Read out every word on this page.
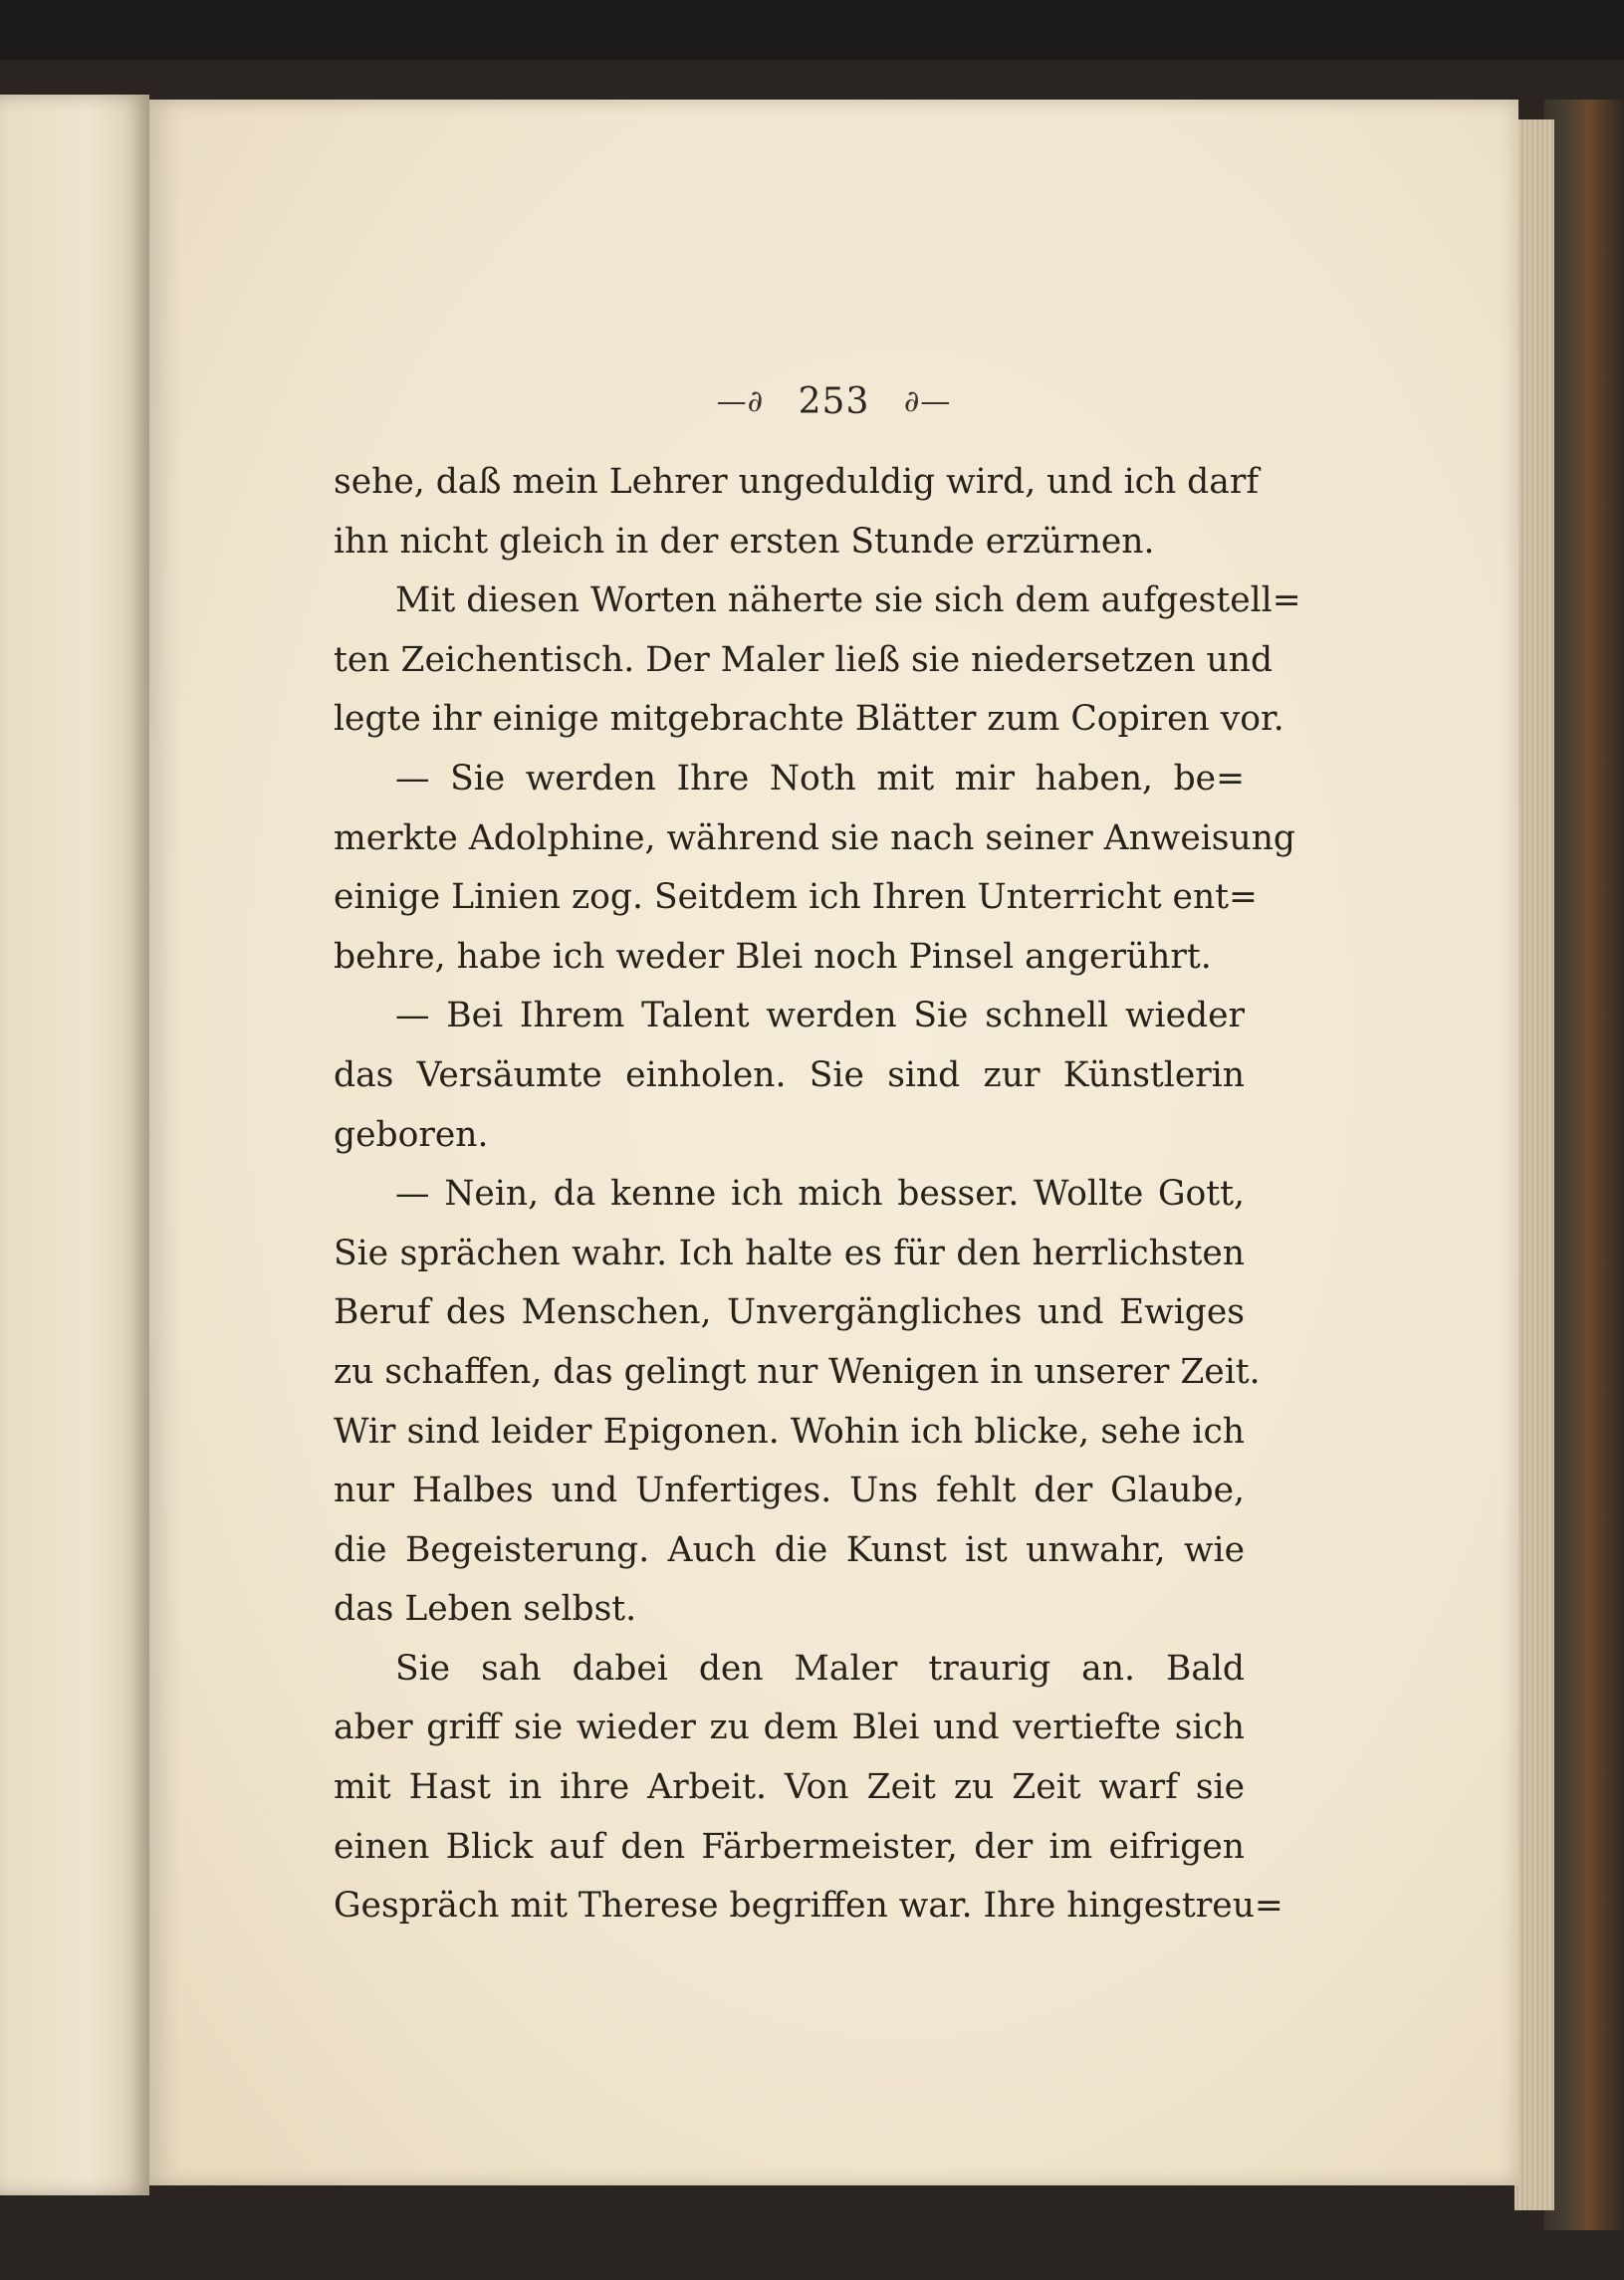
—∂ 253 ∂—
sehe, daß mein Lehrer ungeduldig wird, und ich darf
ihn nicht gleich in der ersten Stunde erzürnen.
Mit diesen Worten näherte sie sich dem aufgestell=
ten Zeichentisch. Der Maler ließ sie niedersetzen und
legte ihr einige mitgebrachte Blätter zum Copiren vor.
— Sie werden Ihre Noth mit mir haben, be=
merkte Adolphine, während sie nach seiner Anweisung
einige Linien zog. Seitdem ich Ihren Unterricht ent=
behre, habe ich weder Blei noch Pinsel angerührt.
— Bei Ihrem Talent werden Sie schnell wieder
das Versäumte einholen. Sie sind zur Künstlerin
geboren.
— Nein, da kenne ich mich besser. Wollte Gott,
Sie sprächen wahr. Ich halte es für den herrlichsten
Beruf des Menschen, Unvergängliches und Ewiges
zu schaffen, das gelingt nur Wenigen in unserer Zeit.
Wir sind leider Epigonen. Wohin ich blicke, sehe ich
nur Halbes und Unfertiges. Uns fehlt der Glaube,
die Begeisterung. Auch die Kunst ist unwahr, wie
das Leben selbst.
Sie sah dabei den Maler traurig an. Bald
aber griff sie wieder zu dem Blei und vertiefte sich
mit Hast in ihre Arbeit. Von Zeit zu Zeit warf sie
einen Blick auf den Färbermeister, der im eifrigen
Gespräch mit Therese begriffen war. Ihre hingestreu=
